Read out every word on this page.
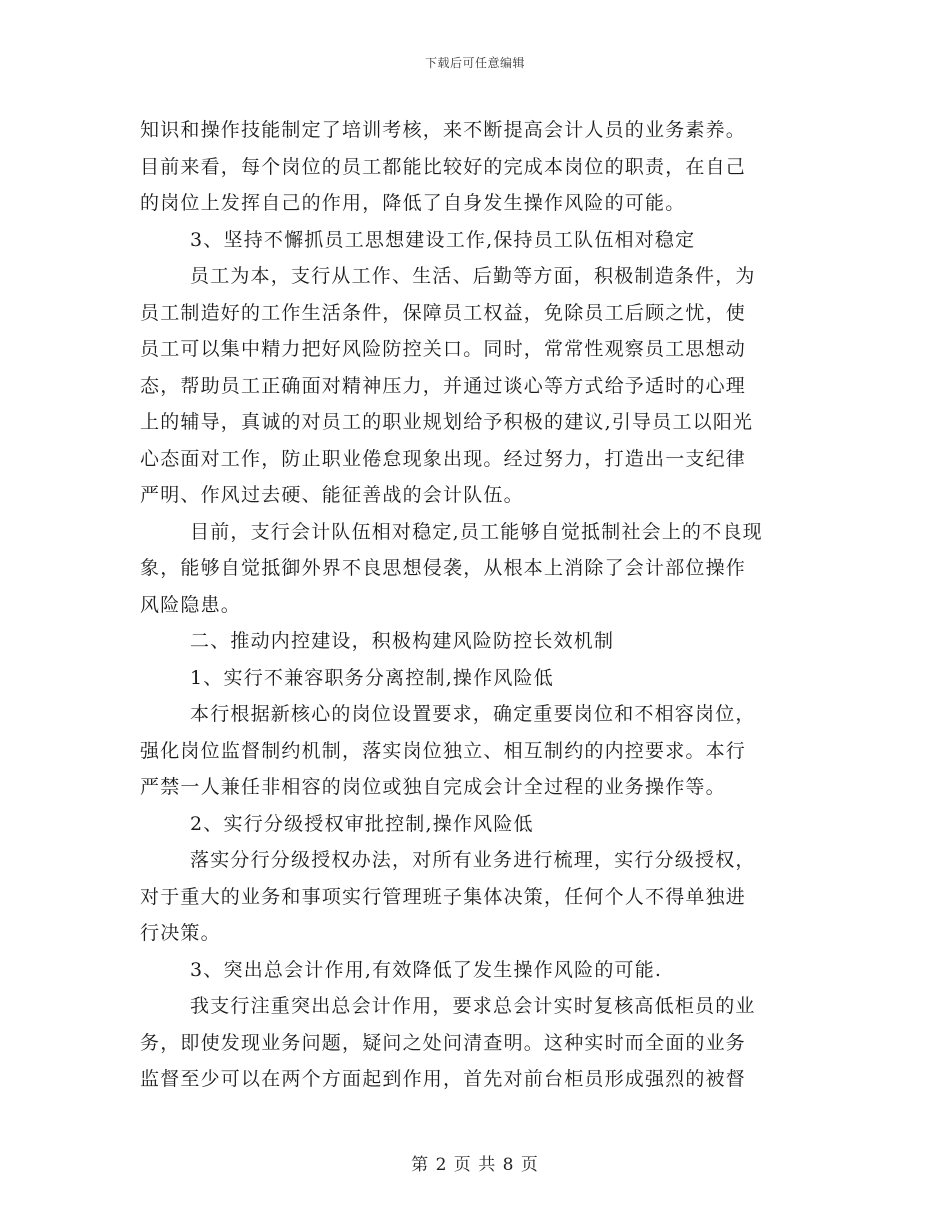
下载后可任意编辑
知识和操作技能制定了培训考核，来不断提高会计人员的业务素养。
目前来看，每个岗位的员工都能比较好的完成本岗位的职责，在自己
的岗位上发挥自己的作用，降低了自身发生操作风险的可能。
3、坚持不懈抓员工思想建设工作,保持员工队伍相对稳定
员工为本，支行从工作、生活、后勤等方面，积极制造条件，为
员工制造好的工作生活条件，保障员工权益，免除员工后顾之忧，使
员工可以集中精力把好风险防控关口。同时，常常性观察员工思想动
态，帮助员工正确面对精神压力，并通过谈心等方式给予适时的心理
上的辅导，真诚的对员工的职业规划给予积极的建议,引导员工以阳光
心态面对工作，防止职业倦怠现象出现。经过努力，打造出一支纪律
严明、作风过去硬、能征善战的会计队伍。
目前，支行会计队伍相对稳定,员工能够自觉抵制社会上的不良现
象，能够自觉抵御外界不良思想侵袭，从根本上消除了会计部位操作
风险隐患。
二、推动内控建设，积极构建风险防控长效机制
1、实行不兼容职务分离控制,操作风险低
本行根据新核心的岗位设置要求，确定重要岗位和不相容岗位，
强化岗位监督制约机制，落实岗位独立、相互制约的内控要求。本行
严禁一人兼任非相容的岗位或独自完成会计全过程的业务操作等。
2、实行分级授权审批控制,操作风险低
落实分行分级授权办法，对所有业务进行梳理，实行分级授权，
对于重大的业务和事项实行管理班子集体决策，任何个人不得单独进
行决策。
3、突出总会计作用,有效降低了发生操作风险的可能.
我支行注重突出总会计作用，要求总会计实时复核高低柜员的业
务，即使发现业务问题，疑问之处问清查明。这种实时而全面的业务
监督至少可以在两个方面起到作用，首先对前台柜员形成强烈的被督
第 2 页 共 8 页
